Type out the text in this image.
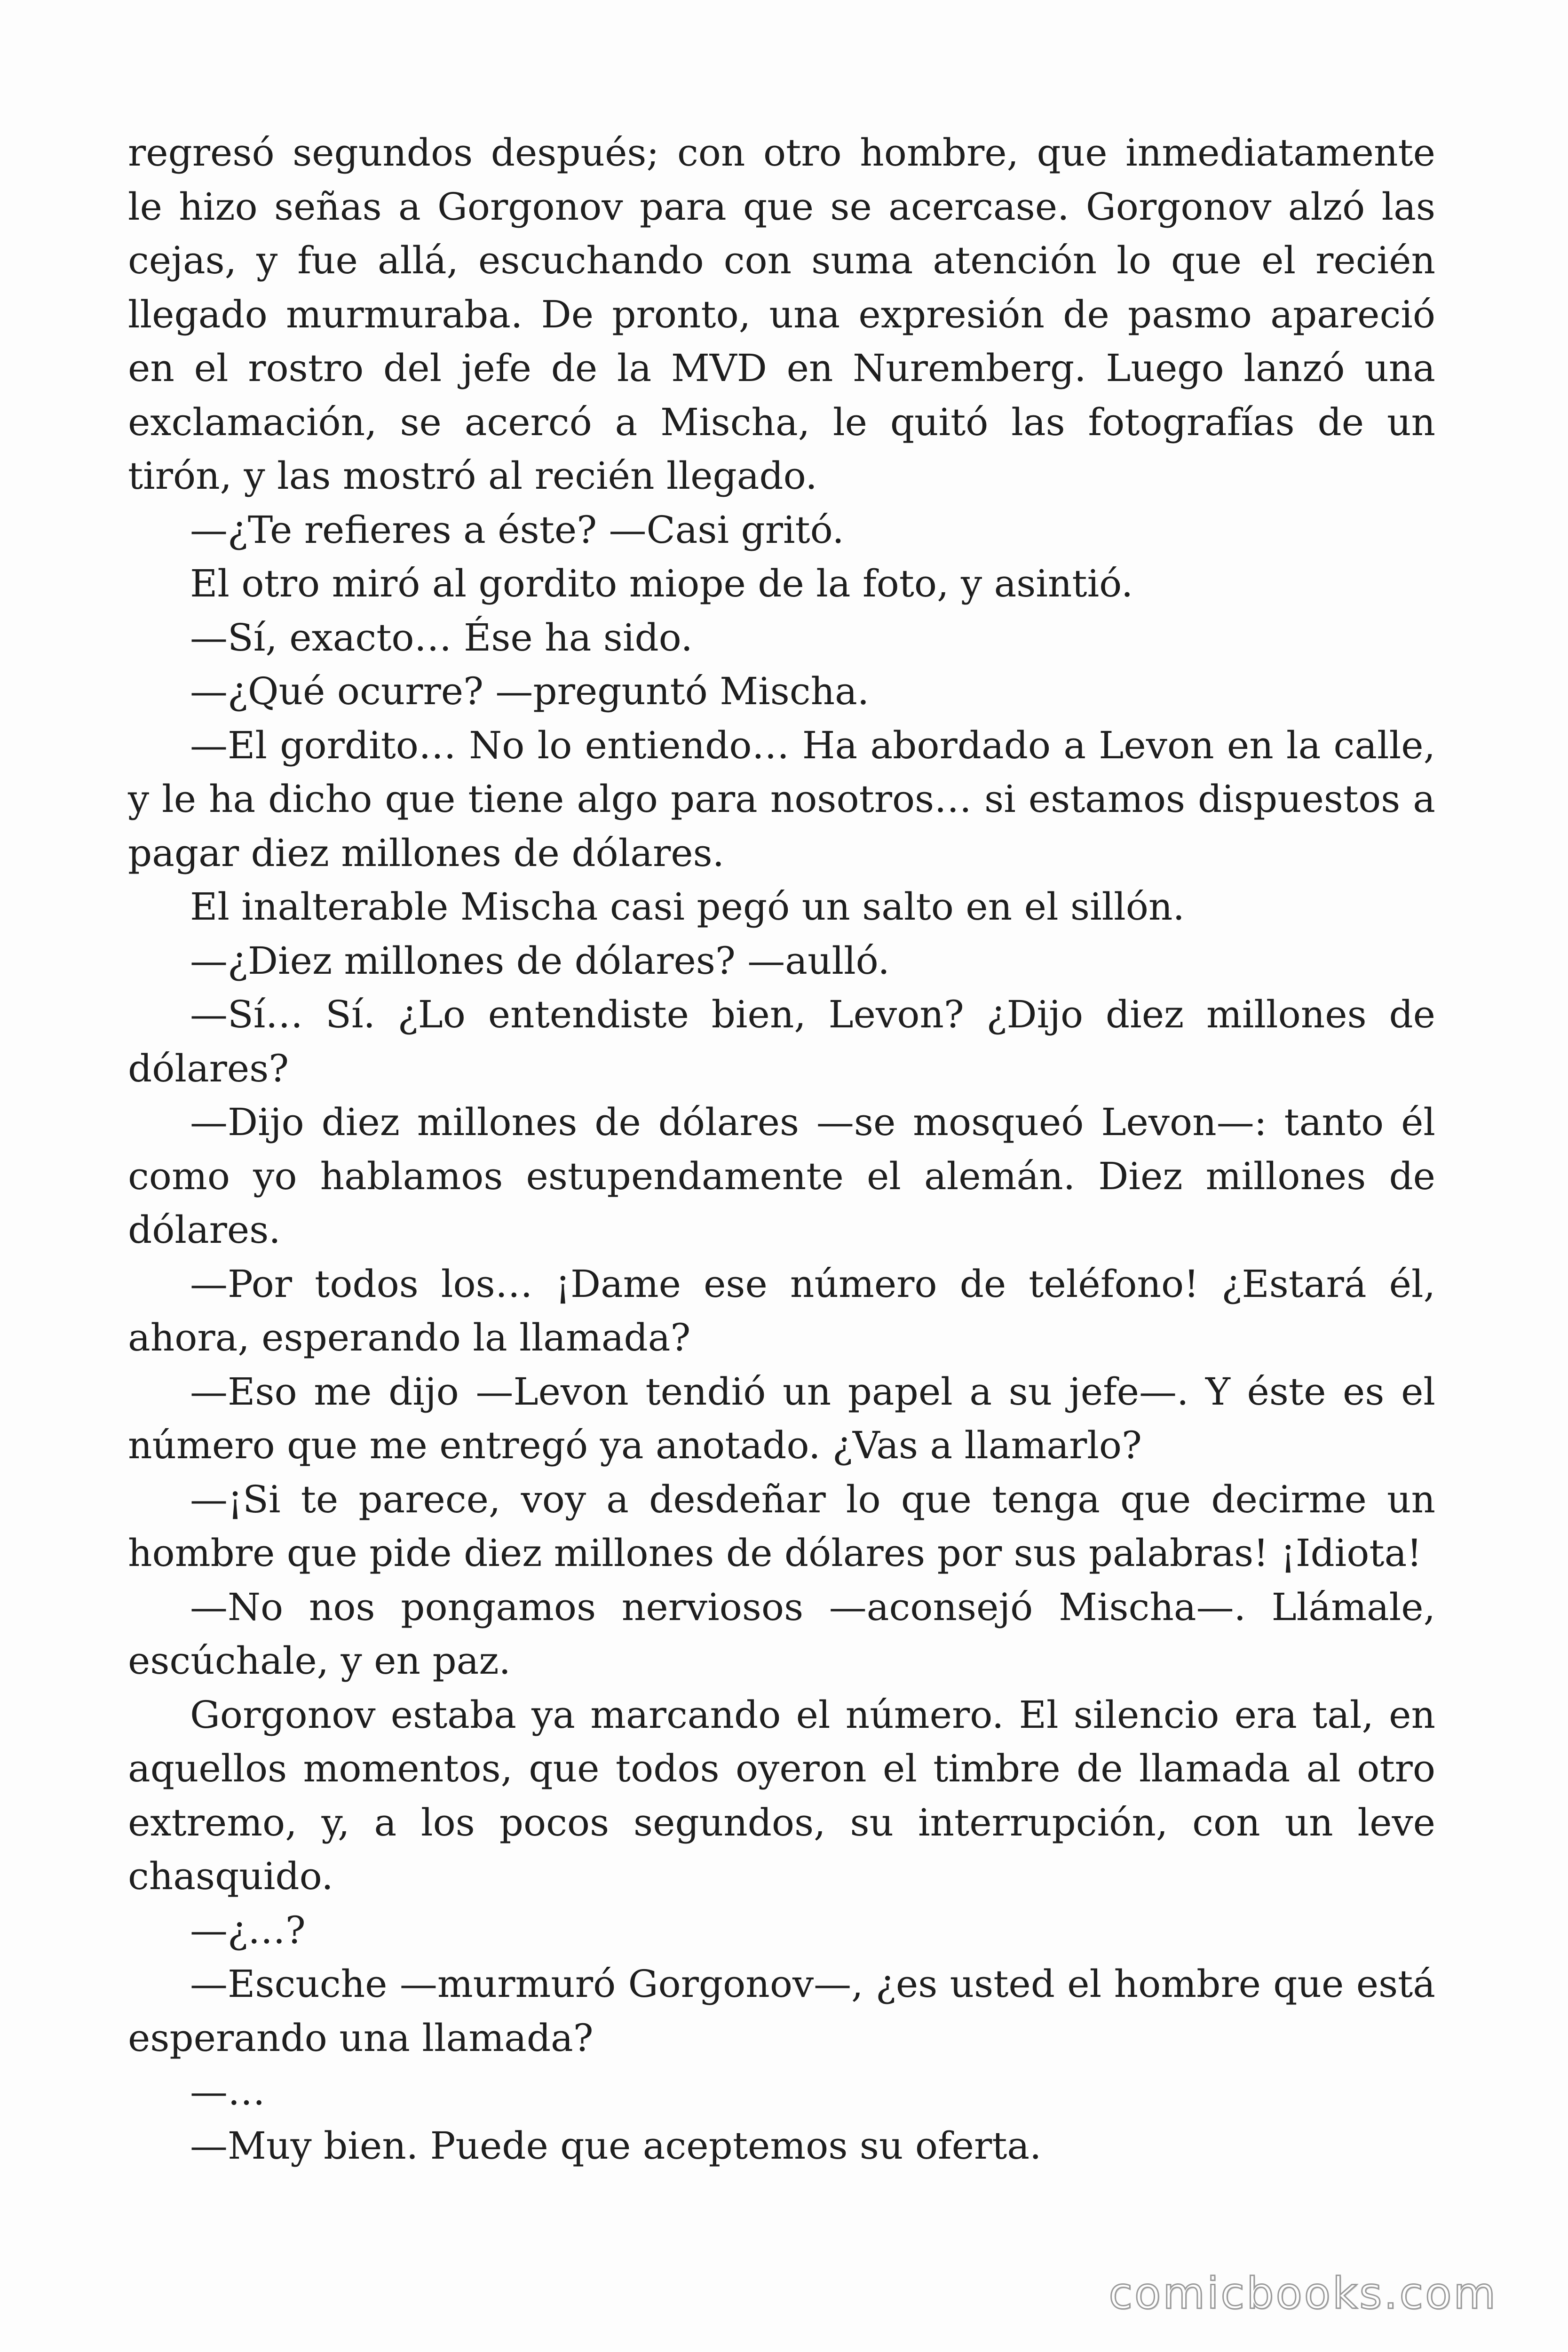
regresó segundos después; con otro hombre, que inmediatamente le hizo señas a Gorgonov para que se acercase. Gorgonov alzó las cejas, y fue allá, escuchando con suma atención lo que el recién llegado murmuraba. De pronto, una expresión de pasmo apareció en el rostro del jefe de la MVD en Nuremberg. Luego lanzó una exclamación, se acercó a Mischa, le quitó las fotografías de un tirón, y las mostró al recién llegado.

—¿Te refieres a éste? —Casi gritó.

El otro miró al gordito miope de la foto, y asintió.

—Sí, exacto… Ése ha sido.

—¿Qué ocurre? —preguntó Mischa.

—El gordito… No lo entiendo… Ha abordado a Levon en la calle, y le ha dicho que tiene algo para nosotros… si estamos dispuestos a pagar diez millones de dólares.

El inalterable Mischa casi pegó un salto en el sillón.

—¿Diez millones de dólares? —aulló.

—Sí… Sí. ¿Lo entendiste bien, Levon? ¿Dijo diez millones de dólares?

—Dijo diez millones de dólares —se mosqueó Levon—: tanto él como yo hablamos estupendamente el alemán. Diez millones de dólares.

—Por todos los… ¡Dame ese número de teléfono! ¿Estará él, ahora, esperando la llamada?

—Eso me dijo —Levon tendió un papel a su jefe—. Y éste es el número que me entregó ya anotado. ¿Vas a llamarlo?

—¡Si te parece, voy a desdeñar lo que tenga que decirme un hombre que pide diez millones de dólares por sus palabras! ¡Idiota!

—No nos pongamos nerviosos —aconsejó Mischa—. Llámale, escúchale, y en paz.

Gorgonov estaba ya marcando el número. El silencio era tal, en aquellos momentos, que todos oyeron el timbre de llamada al otro extremo, y, a los pocos segundos, su interrupción, con un leve chasquido.

—¿…?

—Escuche —murmuró Gorgonov—, ¿es usted el hombre que está esperando una llamada?

—…

—Muy bien. Puede que aceptemos su oferta.

comicbooks.com
